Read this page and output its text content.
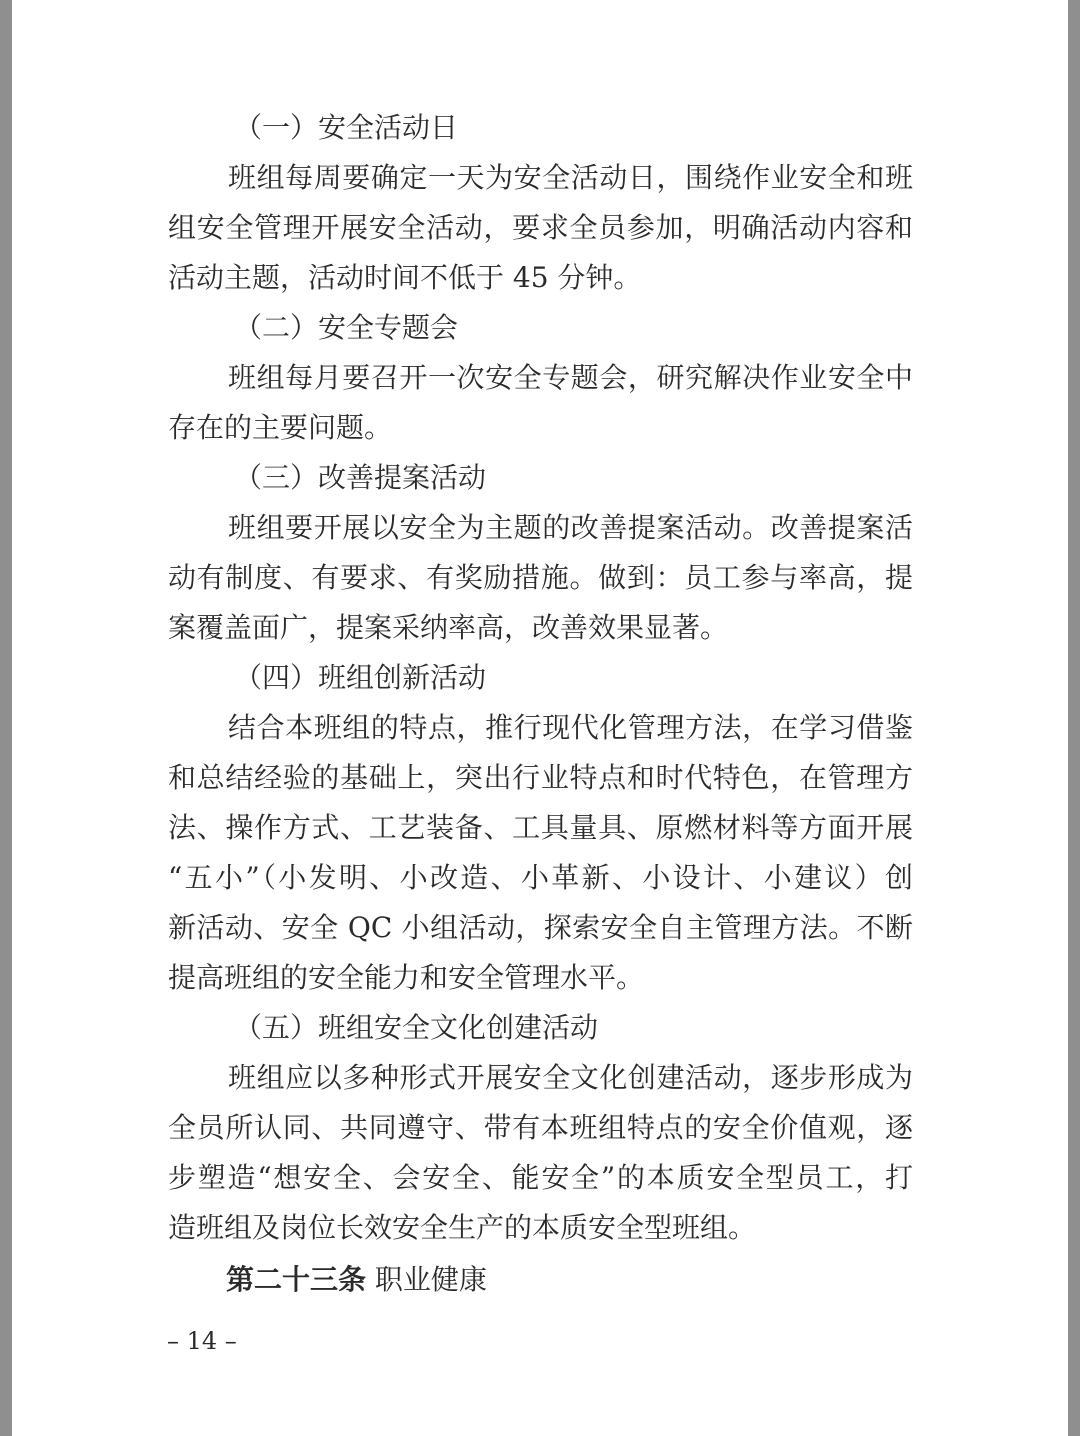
（一）安全活动日
班组每周要确定一天为安全活动日，围绕作业安全和班
组安全管理开展安全活动，要求全员参加，明确活动内容和
活动主题，活动时间不低于 45 分钟。
（二）安全专题会
班组每月要召开一次安全专题会，研究解决作业安全中
存在的主要问题。
（三）改善提案活动
班组要开展以安全为主题的改善提案活动。改善提案活
动有制度、有要求、有奖励措施。做到：员工参与率高，提
案覆盖面广，提案采纳率高，改善效果显著。
（四）班组创新活动
结合本班组的特点，推行现代化管理方法，在学习借鉴
和总结经验的基础上，突出行业特点和时代特色，在管理方
法、操作方式、工艺装备、工具量具、原燃材料等方面开展
“五小”（小发明、小改造、小革新、小设计、小建议）创
新活动、安全 QC 小组活动，探索安全自主管理方法。不断
提高班组的安全能力和安全管理水平。
（五）班组安全文化创建活动
班组应以多种形式开展安全文化创建活动，逐步形成为
全员所认同、共同遵守、带有本班组特点的安全价值观，逐
步塑造“想安全、会安全、能安全”的本质安全型员工，打
造班组及岗位长效安全生产的本质安全型班组。
第二十三条 职业健康
– 14 –
